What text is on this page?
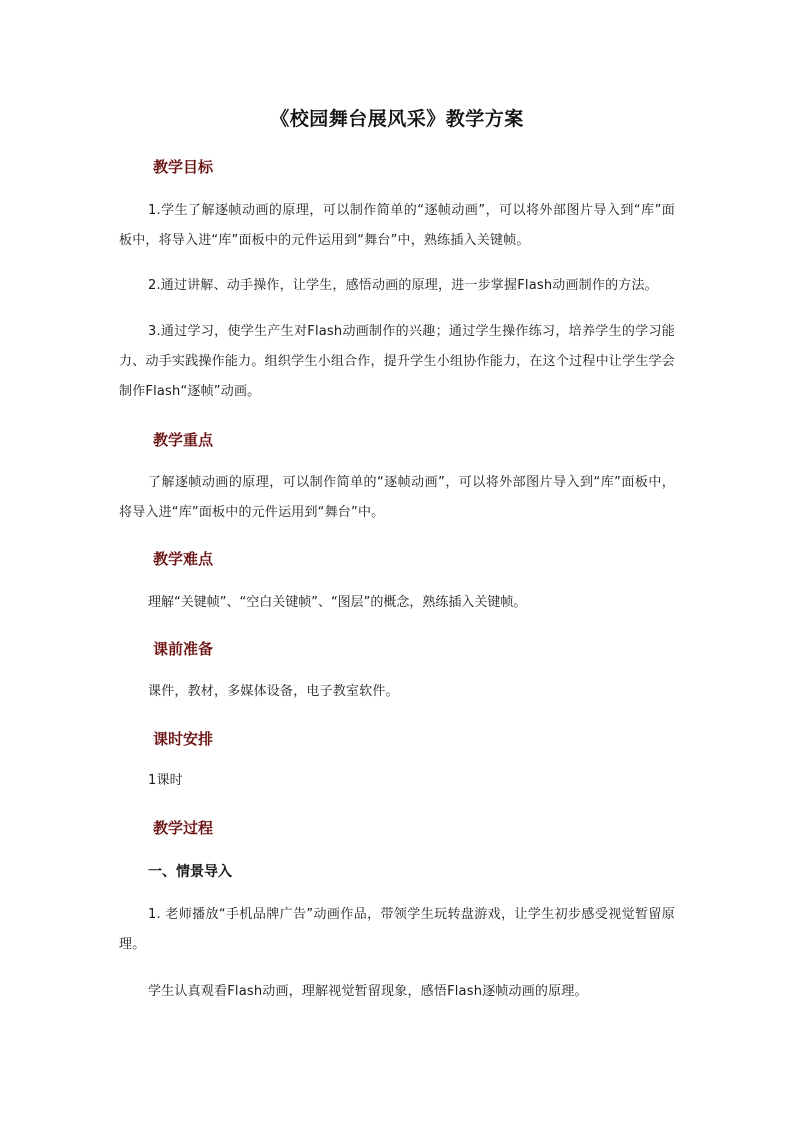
《校园舞台展风采》教学方案
教学目标

1.学生了解逐帧动画的原理，可以制作简单的“逐帧动画”，可以将外部图片导入到“库”面板中，将导入进“库”面板中的元件运用到“舞台”中，熟练插入关键帧。

2.通过讲解、动手操作，让学生，感悟动画的原理，进一步掌握Flash动画制作的方法。

3.通过学习，使学生产生对Flash动画制作的兴趣；通过学生操作练习，培养学生的学习能力、动手实践操作能力。组织学生小组合作，提升学生小组协作能力，在这个过程中让学生学会制作Flash“逐帧”动画。

教学重点

了解逐帧动画的原理，可以制作简单的“逐帧动画”，可以将外部图片导入到“库”面板中，将导入进“库”面板中的元件运用到“舞台”中。

教学难点

理解“关键帧”、“空白关键帧”、“图层”的概念，熟练插入关键帧。

课前准备

课件，教材，多媒体设备，电子教室软件。

课时安排

1课时

教学过程
一、情景导入

1. 老师播放“手机品牌广告”动画作品，带领学生玩转盘游戏，让学生初步感受视觉暂留原理。

学生认真观看Flash动画，理解视觉暂留现象，感悟Flash逐帧动画的原理。
